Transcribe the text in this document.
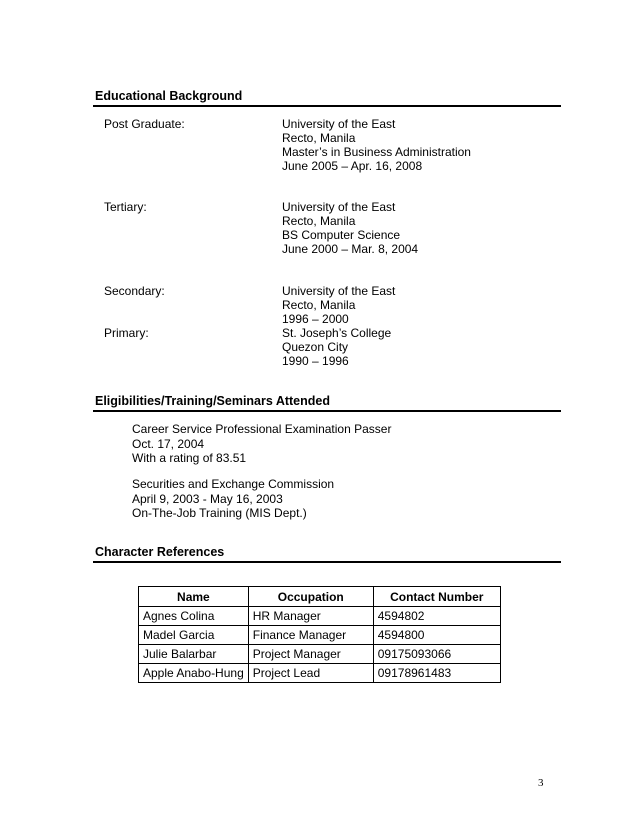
Educational Background
Post Graduate:	University of the East
Recto, Manila
Master’s in Business Administration
June 2005 – Apr. 16, 2008
Tertiary:	University of the East
Recto, Manila
BS Computer Science
June 2000 – Mar. 8, 2004
Secondary:	University of the East
Recto, Manila
1996 – 2000
Primary:	St. Joseph’s College
Quezon City
1990 – 1996
Eligibilities/Training/Seminars Attended
Career Service Professional Examination Passer
Oct. 17, 2004
With a rating of 83.51
Securities and Exchange Commission
April 9, 2003 - May 16, 2003
On-The-Job Training (MIS Dept.)
Character References
Name	Occupation	Contact Number
Agnes Colina	HR Manager	4594802
Madel Garcia	Finance Manager	4594800
Julie Balarbar	Project Manager	09175093066
Apple Anabo-Hung	Project Lead	09178961483
3
